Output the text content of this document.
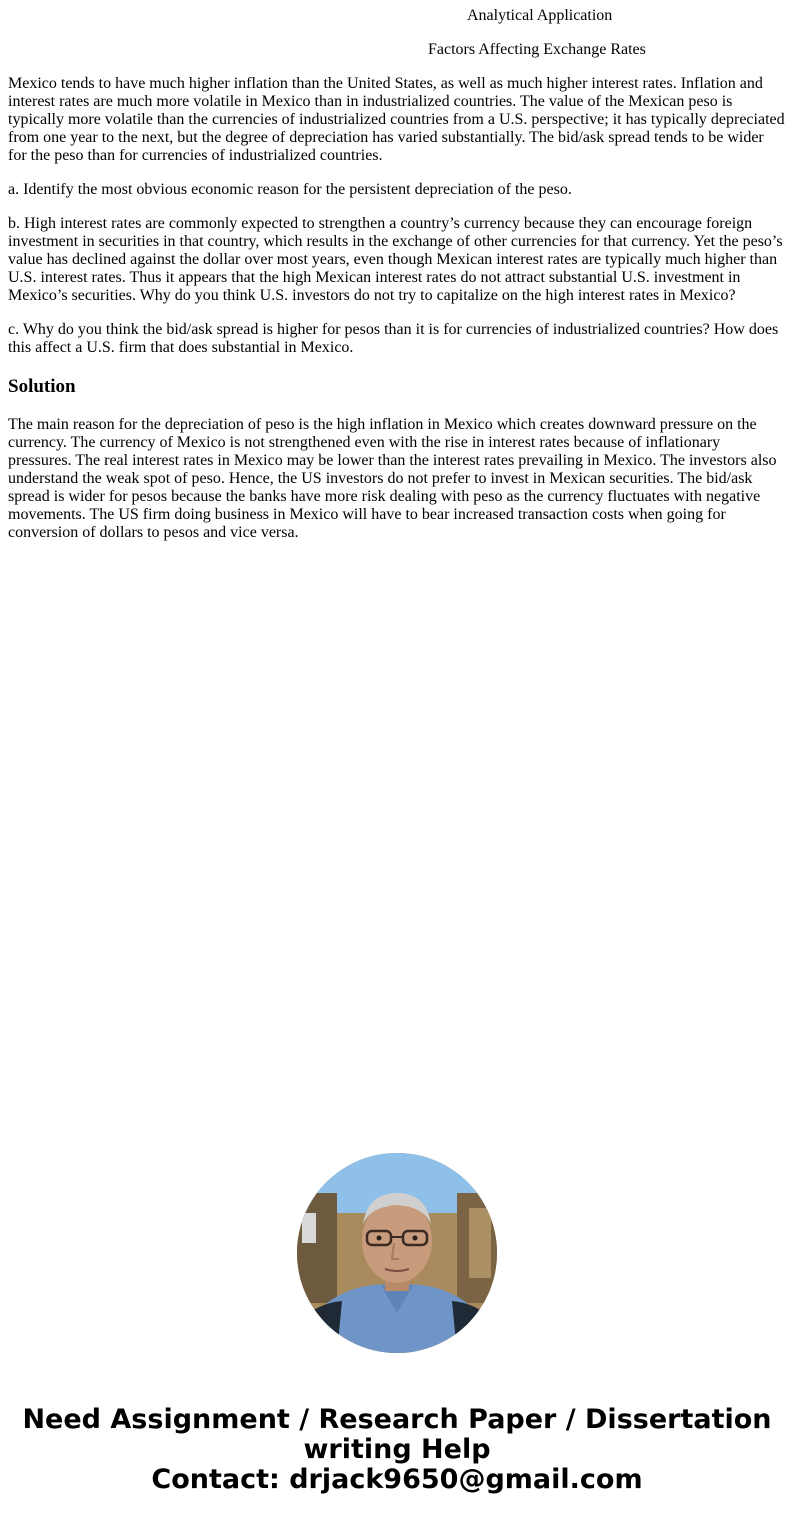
Analytical Application
Factors Affecting Exchange Rates

Mexico tends to have much higher inflation than the United States, as well as much higher interest rates. Inflation and interest rates are much more volatile in Mexico than in industrialized countries. The value of the Mexican peso is typically more volatile than the currencies of industrialized countries from a U.S. perspective; it has typically depreciated from one year to the next, but the degree of depreciation has varied substantially. The bid/ask spread tends to be wider for the peso than for currencies of industrialized countries.

a. Identify the most obvious economic reason for the persistent depreciation of the peso.

b. High interest rates are commonly expected to strengthen a country’s currency because they can encourage foreign investment in securities in that country, which results in the exchange of other currencies for that currency. Yet the peso’s value has declined against the dollar over most years, even though Mexican interest rates are typically much higher than U.S. interest rates. Thus it appears that the high Mexican interest rates do not attract substantial U.S. investment in Mexico’s securities. Why do you think U.S. investors do not try to capitalize on the high interest rates in Mexico?

c. Why do you think the bid/ask spread is higher for pesos than it is for currencies of industrialized countries? How does this affect a U.S. firm that does substantial in Mexico.

Solution

The main reason for the depreciation of peso is the high inflation in Mexico which creates downward pressure on the currency. The currency of Mexico is not strengthened even with the rise in interest rates because of inflationary pressures. The real interest rates in Mexico may be lower than the interest rates prevailing in Mexico. The investors also understand the weak spot of peso. Hence, the US investors do not prefer to invest in Mexican securities. The bid/ask spread is wider for pesos because the banks have more risk dealing with peso as the currency fluctuates with negative movements. The US firm doing business in Mexico will have to bear increased transaction costs when going for conversion of dollars to pesos and vice versa.

Need Assignment / Research Paper / Dissertation writing Help

Contact: drjack9650@gmail.com
